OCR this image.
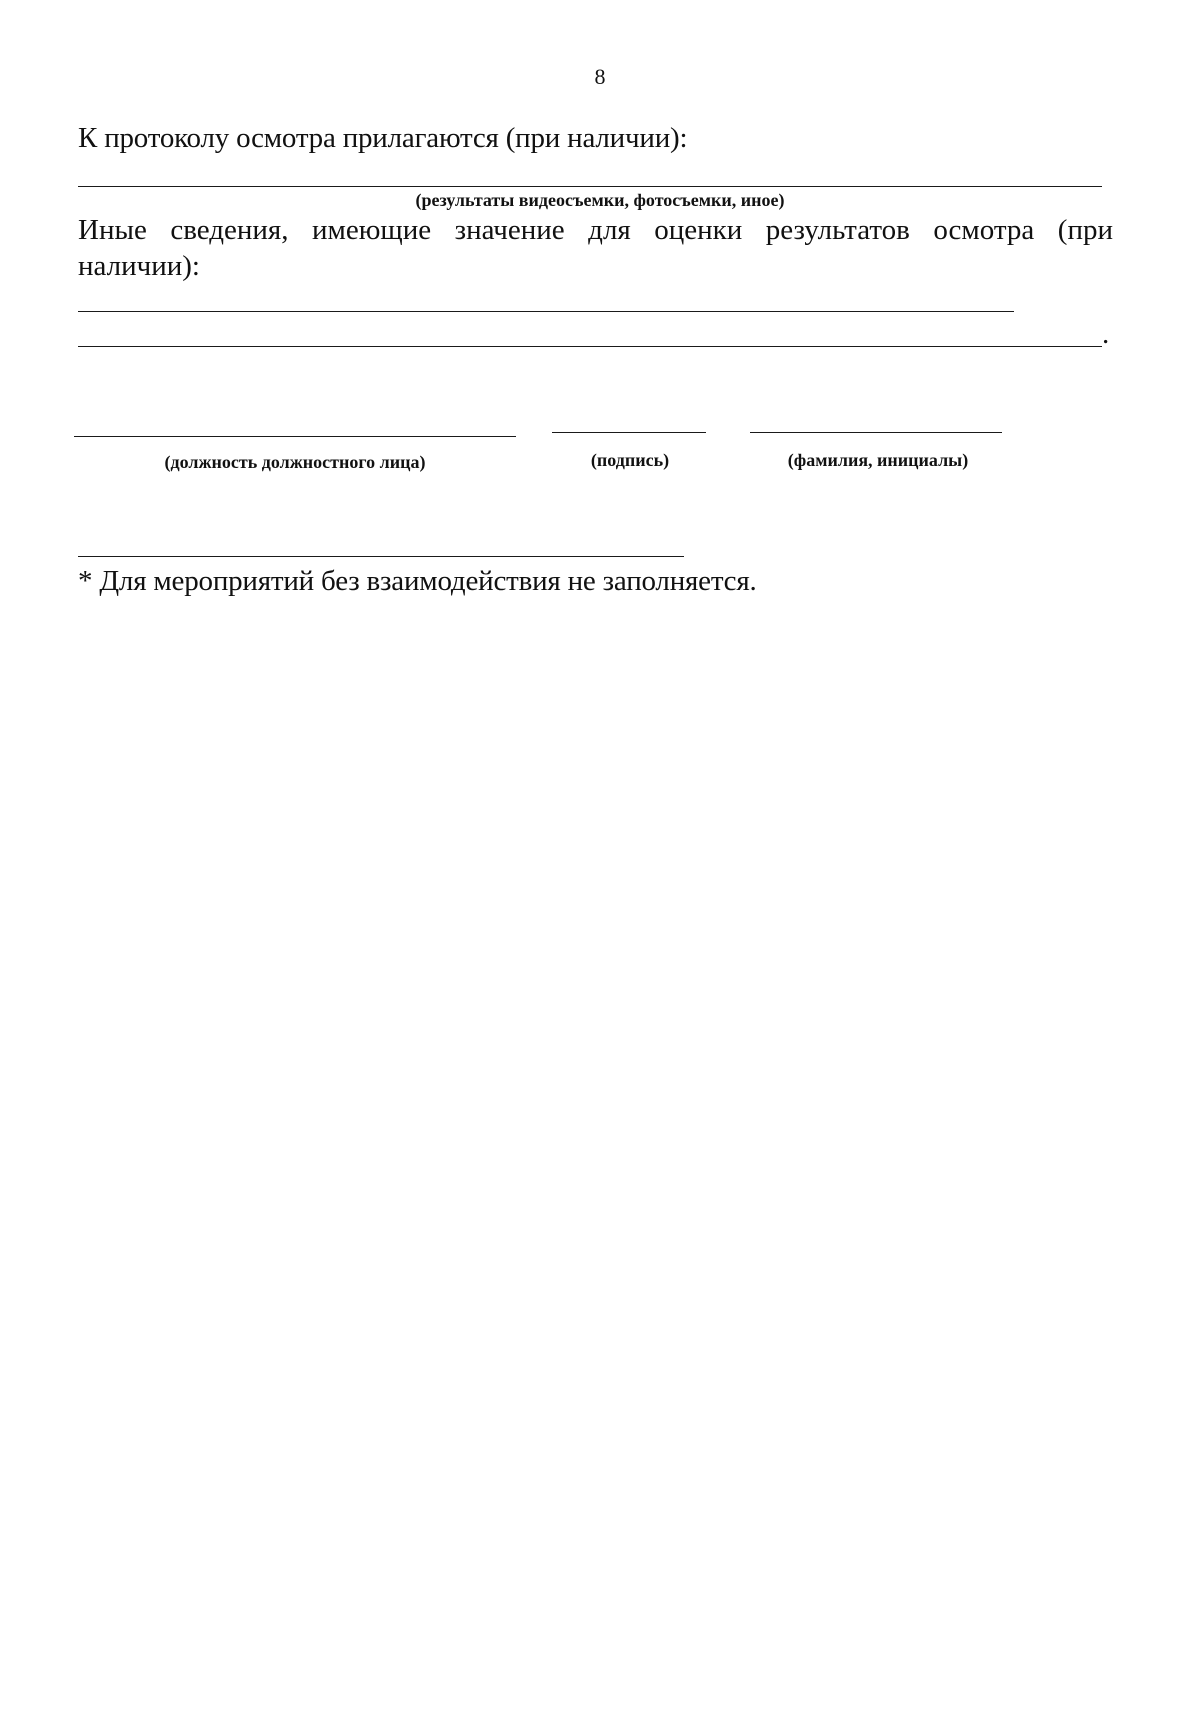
8
К протоколу осмотра прилагаются (при наличии):
(результаты видеосъемки, фотосъемки, иное)
Иные сведения, имеющие значение для оценки результатов осмотра (при
наличии):
.
(должность должностного лица)	(подпись)	(фамилия, инициалы)
* Для мероприятий без взаимодействия не заполняется.
